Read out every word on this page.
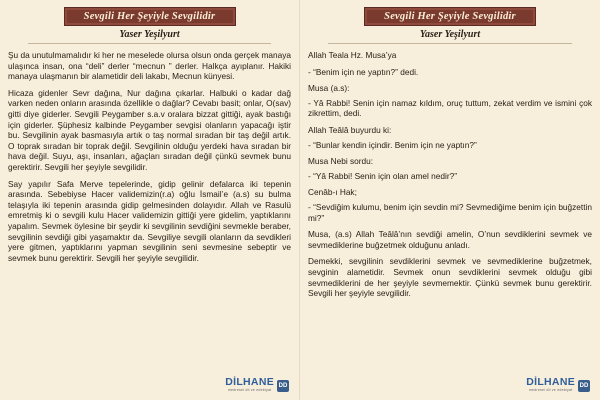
Sevgili Her Şeyiyle Sevgilidir
Yaser Yeşilyurt

Şu da unutulmamalıdır ki her ne meselede olursa olsun onda gerçek manaya ulaşınca insan, ona “deli” derler “mecnun ” derler. Halkça ayıplanır. Hakiki manaya ulaşmanın bir alametidir deli lakabı, Mecnun künyesi.

Hicaza gidenler Sevr dağına, Nur dağına çıkarlar. Halbuki o kadar dağ varken neden onların arasında özellikle o dağlar? Cevabı basit; onlar, O(sav) gitti diye giderler. Sevgili Peygamber s.a.v oralara bizzat gittiği, ayak bastığı için giderler. Şüphesiz kalbinde Peygamber sevgisi olanların yapacağı iştir bu. Sevgilinin ayak basmasıyla artık o taş normal sıradan bir taş değil artık. O toprak sıradan bir toprak değil. Sevgilinin olduğu yerdeki hava sıradan bir hava değil. Suyu, aşı, insanları, ağaçları sıradan değil çünkü sevmek bunu gerektirir. Sevgili her şeyiyle sevgilidir.

Say yapılır Safa Merve tepelerinde, gidip gelinir defalarca iki tepenin arasında. Sebebiyse Hacer validemizin(r.a) oğlu İsmail’e (a.s) su bulma telaşıyla iki tepenin arasında gidip gelmesinden dolayıdır. Allah ve Rasulü emretmiş ki o sevgili kulu Hacer validemizin gittiği yere gidelim, yaptıklarını yapalım. Sevmek öylesine bir şeydir ki sevgilinin sevdiğini sevmekle beraber, sevgilinin sevdiği gibi yaşamaktır da. Sevgiliye sevgili olanların da sevdikleri yere gitmen, yaptıklarını yapman sevgilinin seni sevmesine sebeptir ve sevmek bunu gerektirir. Sevgili her şeyiyle sevgilidir.

DİLHANE
medresei dil ve edebiyat
DD
Sevgili Her Şeyiyle Sevgilidir
Yaser Yeşilyurt

Allah Teala Hz. Musa’ya

- “Benim için ne yaptın?” dedi.

Musa (a.s):

- Yâ Rabbi! Senin için namaz kıldım, oruç tuttum, zekat verdim ve ismini çok zikrettim, dedi.

Allah Teâlâ buyurdu ki:

- “Bunlar kendin içindir. Benim için ne yaptın?”

Musa Nebi sordu:

- “Yâ Rabbi! Senin için olan amel nedir?”

Cenâb-ı Hak;

- “Sevdiğim kulumu, benim için sevdin mi? Sevmediğime benim için buğzettin mi?”

Musa, (a.s) Allah Teâlâ’nın sevdiği amelin, O’nun sevdiklerini sevmek ve sevmediklerine buğzetmek olduğunu anladı.

Demekki, sevgilinin sevdiklerini sevmek ve sevmediklerine buğzetmek, sevginin alametidir. Sevmek onun sevdiklerini sevmek olduğu gibi sevmediklerini de her şeyiyle sevmemektir. Çünkü sevmek bunu gerektirir. Sevgili her şeyiyle sevgilidir.

DİLHANE
medresei dil ve edebiyat
DD
